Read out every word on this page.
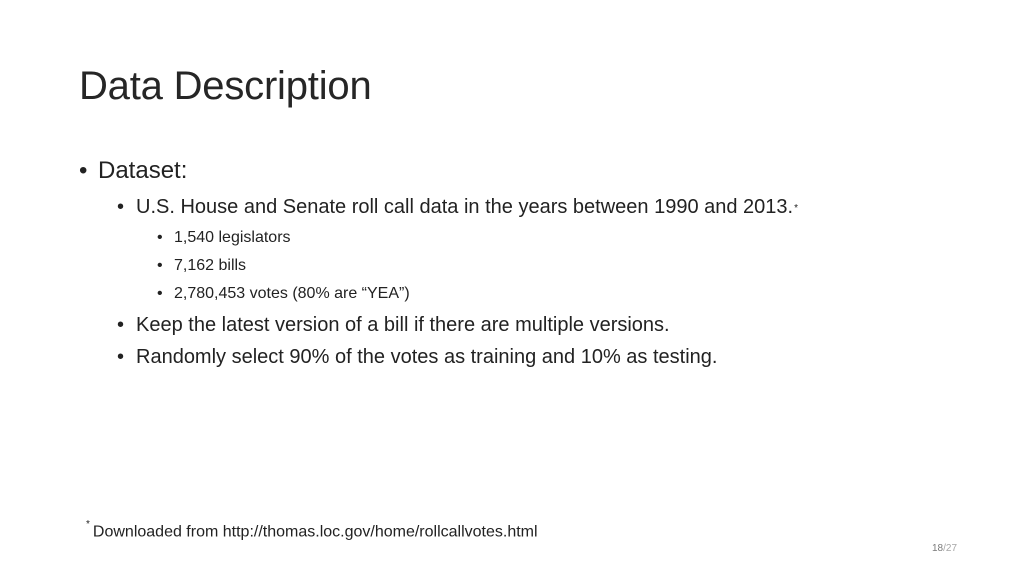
Data Description
• Dataset:
• U.S. House and Senate roll call data in the years between 1990 and 2013.*
• 1,540 legislators
• 7,162 bills
• 2,780,453 votes (80% are “YEA”)
• Keep the latest version of a bill if there are multiple versions.
• Randomly select 90% of the votes as training and 10% as testing.
* Downloaded from http://thomas.loc.gov/home/rollcallvotes.html
18/27
